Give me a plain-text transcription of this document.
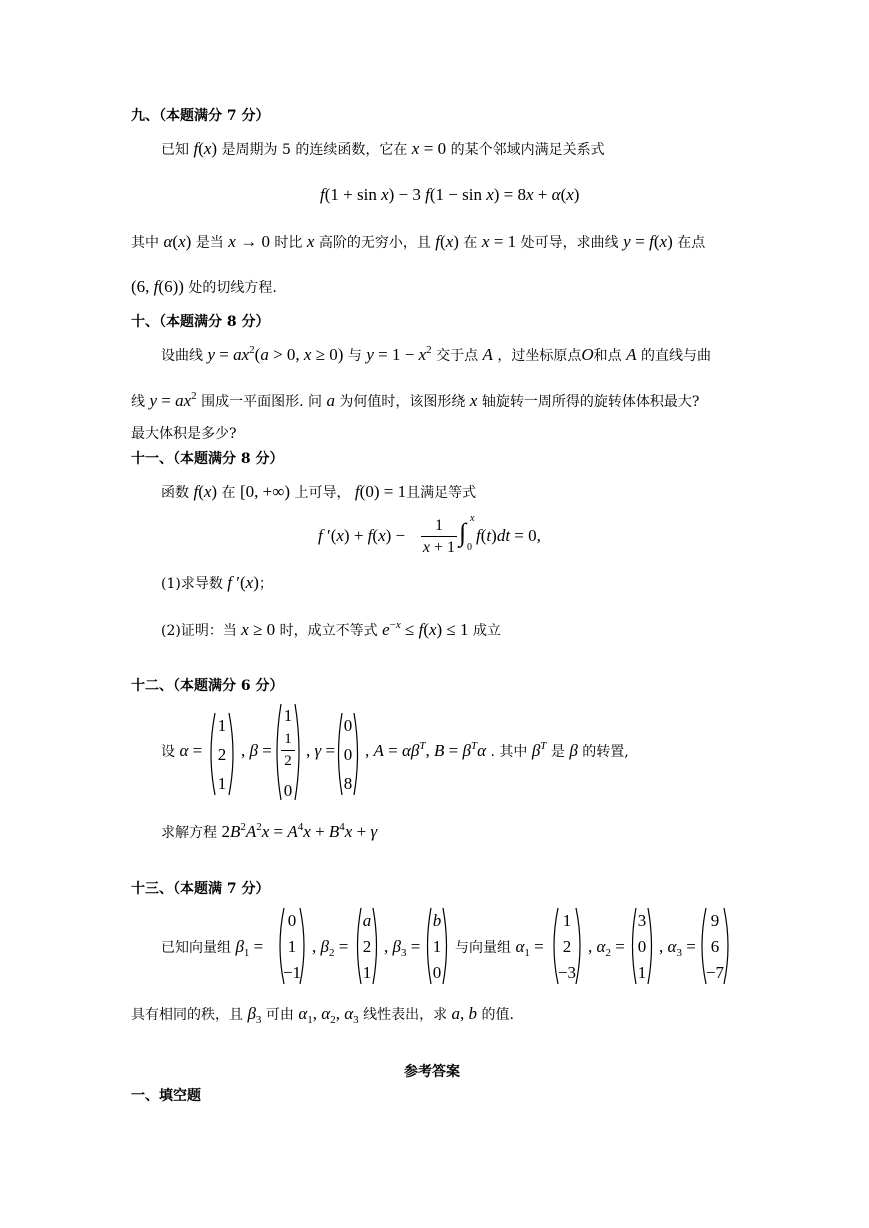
九、（本题满分 7 分）
已知 f(x) 是周期为 5 的连续函数，它在 x = 0 的某个邻域内满足关系式
f(1 + sin x) − 3 f(1 − sin x) = 8x + α(x)
其中 α(x) 是当 x → 0 时比 x 高阶的无穷小，且 f(x) 在 x = 1 处可导，求曲线 y = f(x) 在点
(6, f(6)) 处的切线方程.
十、（本题满分 8 分）
设曲线 $y = ax^2(a > 0$, x ≥ 0) 与 $y = 1 - x^2$ 交于点 A ，过坐标原点O和点 A 的直线与曲
线 $y = ax^2$ 围成一平面图形. 问 a 为何值时，该图形绕 x 轴旋转一周所得的旋转体体积最大?
最大体积是多少?
十一、（本题满分 8 分）
函数 f(x) 在 [0, +∞) 上可导， f(0) = 1且满足等式
f $'(x) + f(x) - \frac{1}{x + 1}$ ∫ x
0
f(t)dt = 0,
(1)求导数 f ′(x)；
(2)证明：当 x ≥ 0 时，成立不等式 $e^{-x} \le f(x) \le 1$ 成立
十二、（本题满分 6 分）
设 α =
1
2
1
, β =
1
1
2
0
, γ =
0
0
8
, $A = \alpha\beta^T$, $B = \beta^T\alpha$ . 其中 $\beta^T$ 是 β 的转置,
求解方程 $2B^2A^2x = A^4x + B^4x + \gamma$
十三、（本题满 7 分）
已知向量组 $\beta_1$ =
0
1
−1
, $\beta_2$ =
a
2
1
, $\beta_3$ =
b
1
0
与向量组 $\alpha_1$ =
1
2
−3
, $\alpha_2$ =
3
0
1
, $\alpha_3$ =
9
6
−7
具有相同的秩，且 $\beta_3$ 可由 $\alpha_1$, $\alpha_2$, $\alpha_3$ 线性表出，求 a, b 的值.
参考答案
一、填空题
